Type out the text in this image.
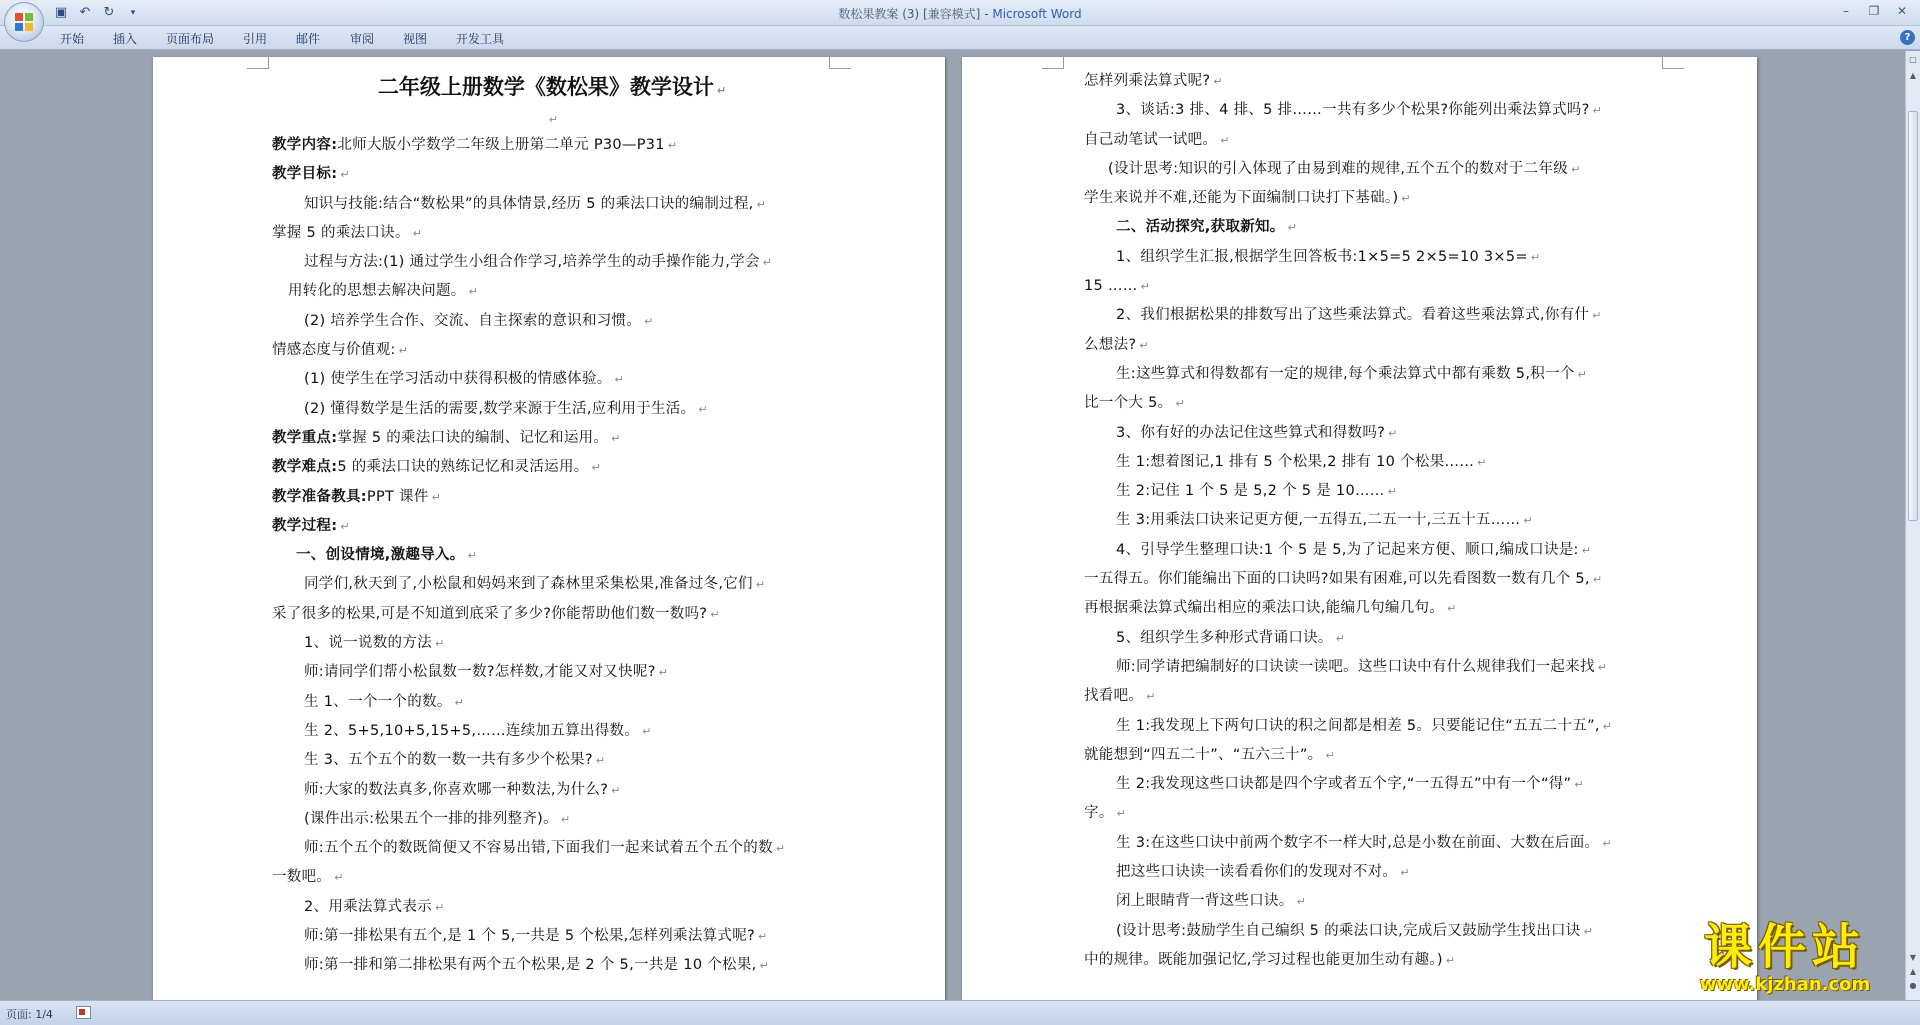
▣ ↶ ↻	▾	数松果教案 (3) [兼容模式] - Microsoft Word	–	❐	✕
开始 插入 页面布局 引用 邮件 审阅 视图 开发工具	?
二年级上册数学《数松果》教学设计 ↵
↵
教学内容:北师大版小学数学二年级上册第二单元 P30—P31 ↵
教学目标: ↵
知识与技能:结合“数松果”的具体情景,经历 5 的乘法口诀的编制过程, ↵
掌握 5 的乘法口诀。 ↵
过程与方法:(1) 通过学生小组合作学习,培养学生的动手操作能力,学会 ↵
用转化的思想去解决问题。 ↵
(2) 培养学生合作、交流、自主探索的意识和习惯。 ↵
情感态度与价值观: ↵
(1) 使学生在学习活动中获得积极的情感体验。 ↵
(2) 懂得数学是生活的需要,数学来源于生活,应利用于生活。 ↵
教学重点:掌握 5 的乘法口诀的编制、记忆和运用。 ↵
教学难点:5 的乘法口诀的熟练记忆和灵活运用。 ↵
教学准备教具:PPT 课件 ↵
教学过程: ↵
一、创设情境,激趣导入。 ↵
同学们,秋天到了,小松鼠和妈妈来到了森林里采集松果,准备过冬,它们 ↵
采了很多的松果,可是不知道到底采了多少?你能帮助他们数一数吗? ↵
1、说一说数的方法 ↵
师:请同学们帮小松鼠数一数?怎样数,才能又对又快呢? ↵
生 1、一个一个的数。 ↵
生 2、5+5,10+5,15+5,……连续加五算出得数。 ↵
生 3、五个五个的数一数一共有多少个松果? ↵
师:大家的数法真多,你喜欢哪一种数法,为什么? ↵
(课件出示:松果五个一排的排列整齐)。 ↵
师:五个五个的数既简便又不容易出错,下面我们一起来试着五个五个的数 ↵
一数吧。 ↵
2、用乘法算式表示 ↵
师:第一排松果有五个,是 1 个 5,一共是 5 个松果,怎样列乘法算式呢? ↵
师:第一排和第二排松果有两个五个松果,是 2 个 5,一共是 10 个松果, ↵
怎样列乘法算式呢? ↵
3、谈话:3 排、4 排、5 排……一共有多少个松果?你能列出乘法算式吗? ↵
自己动笔试一试吧。 ↵
(设计思考:知识的引入体现了由易到难的规律,五个五个的数对于二年级 ↵
学生来说并不难,还能为下面编制口诀打下基础。) ↵
二、活动探究,获取新知。 ↵
1、组织学生汇报,根据学生回答板书:1×5=5 2×5=10 3×5= ↵
15 …… ↵
2、我们根据松果的排数写出了这些乘法算式。看着这些乘法算式,你有什 ↵
么想法? ↵
生:这些算式和得数都有一定的规律,每个乘法算式中都有乘数 5,积一个 ↵
比一个大 5。 ↵
3、你有好的办法记住这些算式和得数吗? ↵
生 1:想着图记,1 排有 5 个松果,2 排有 10 个松果…… ↵
生 2:记住 1 个 5 是 5,2 个 5 是 10…… ↵
生 3:用乘法口诀来记更方便,一五得五,二五一十,三五十五…… ↵
4、引导学生整理口诀:1 个 5 是 5,为了记起来方便、顺口,编成口诀是: ↵
一五得五。你们能编出下面的口诀吗?如果有困难,可以先看图数一数有几个 5, ↵
再根据乘法算式编出相应的乘法口诀,能编几句编几句。 ↵
5、组织学生多种形式背诵口诀。 ↵
师:同学请把编制好的口诀读一读吧。这些口诀中有什么规律我们一起来找 ↵
找看吧。 ↵
生 1:我发现上下两句口诀的积之间都是相差 5。只要能记住“五五二十五”, ↵
就能想到“四五二十”、“五六三十”。 ↵
生 2:我发现这些口诀都是四个字或者五个字,“一五得五”中有一个“得” ↵
字。 ↵
生 3:在这些口诀中前两个数字不一样大时,总是小数在前面、大数在后面。 ↵
把这些口诀读一读看看你们的发现对不对。 ↵
闭上眼睛背一背这些口诀。 ↵
(设计思考:鼓励学生自己编织 5 的乘法口诀,完成后又鼓励学生找出口诀 ↵
中的规律。既能加强记忆,学习过程也能更加生动有趣。) ↵
□
▲
▼
▲
●
页面: 1/4
课件站
www.kjzhan.com
